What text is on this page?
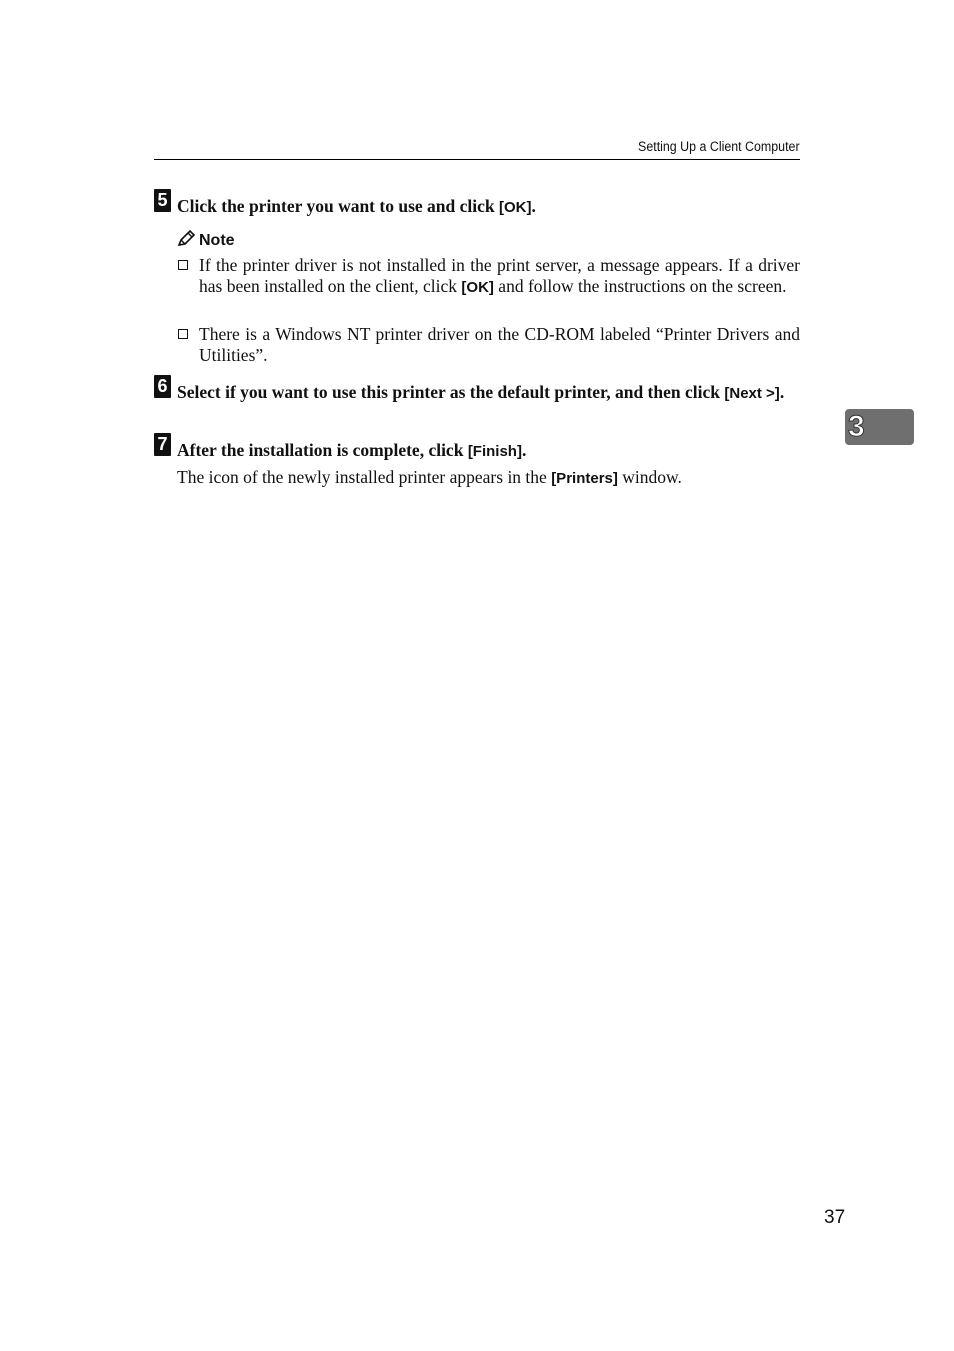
Setting Up a Client Computer
5 Click the printer you want to use and click [OK].
Note
If the printer driver is not installed in the print server, a message appears. If a driver has been installed on the client, click [OK] and follow the instructions on the screen.
There is a Windows NT printer driver on the CD-ROM labeled “Printer Drivers and Utilities”.
6 Select if you want to use this printer as the default printer, and then click [Next >].
7 After the installation is complete, click [Finish].
The icon of the newly installed printer appears in the [Printers] window.
3
37
